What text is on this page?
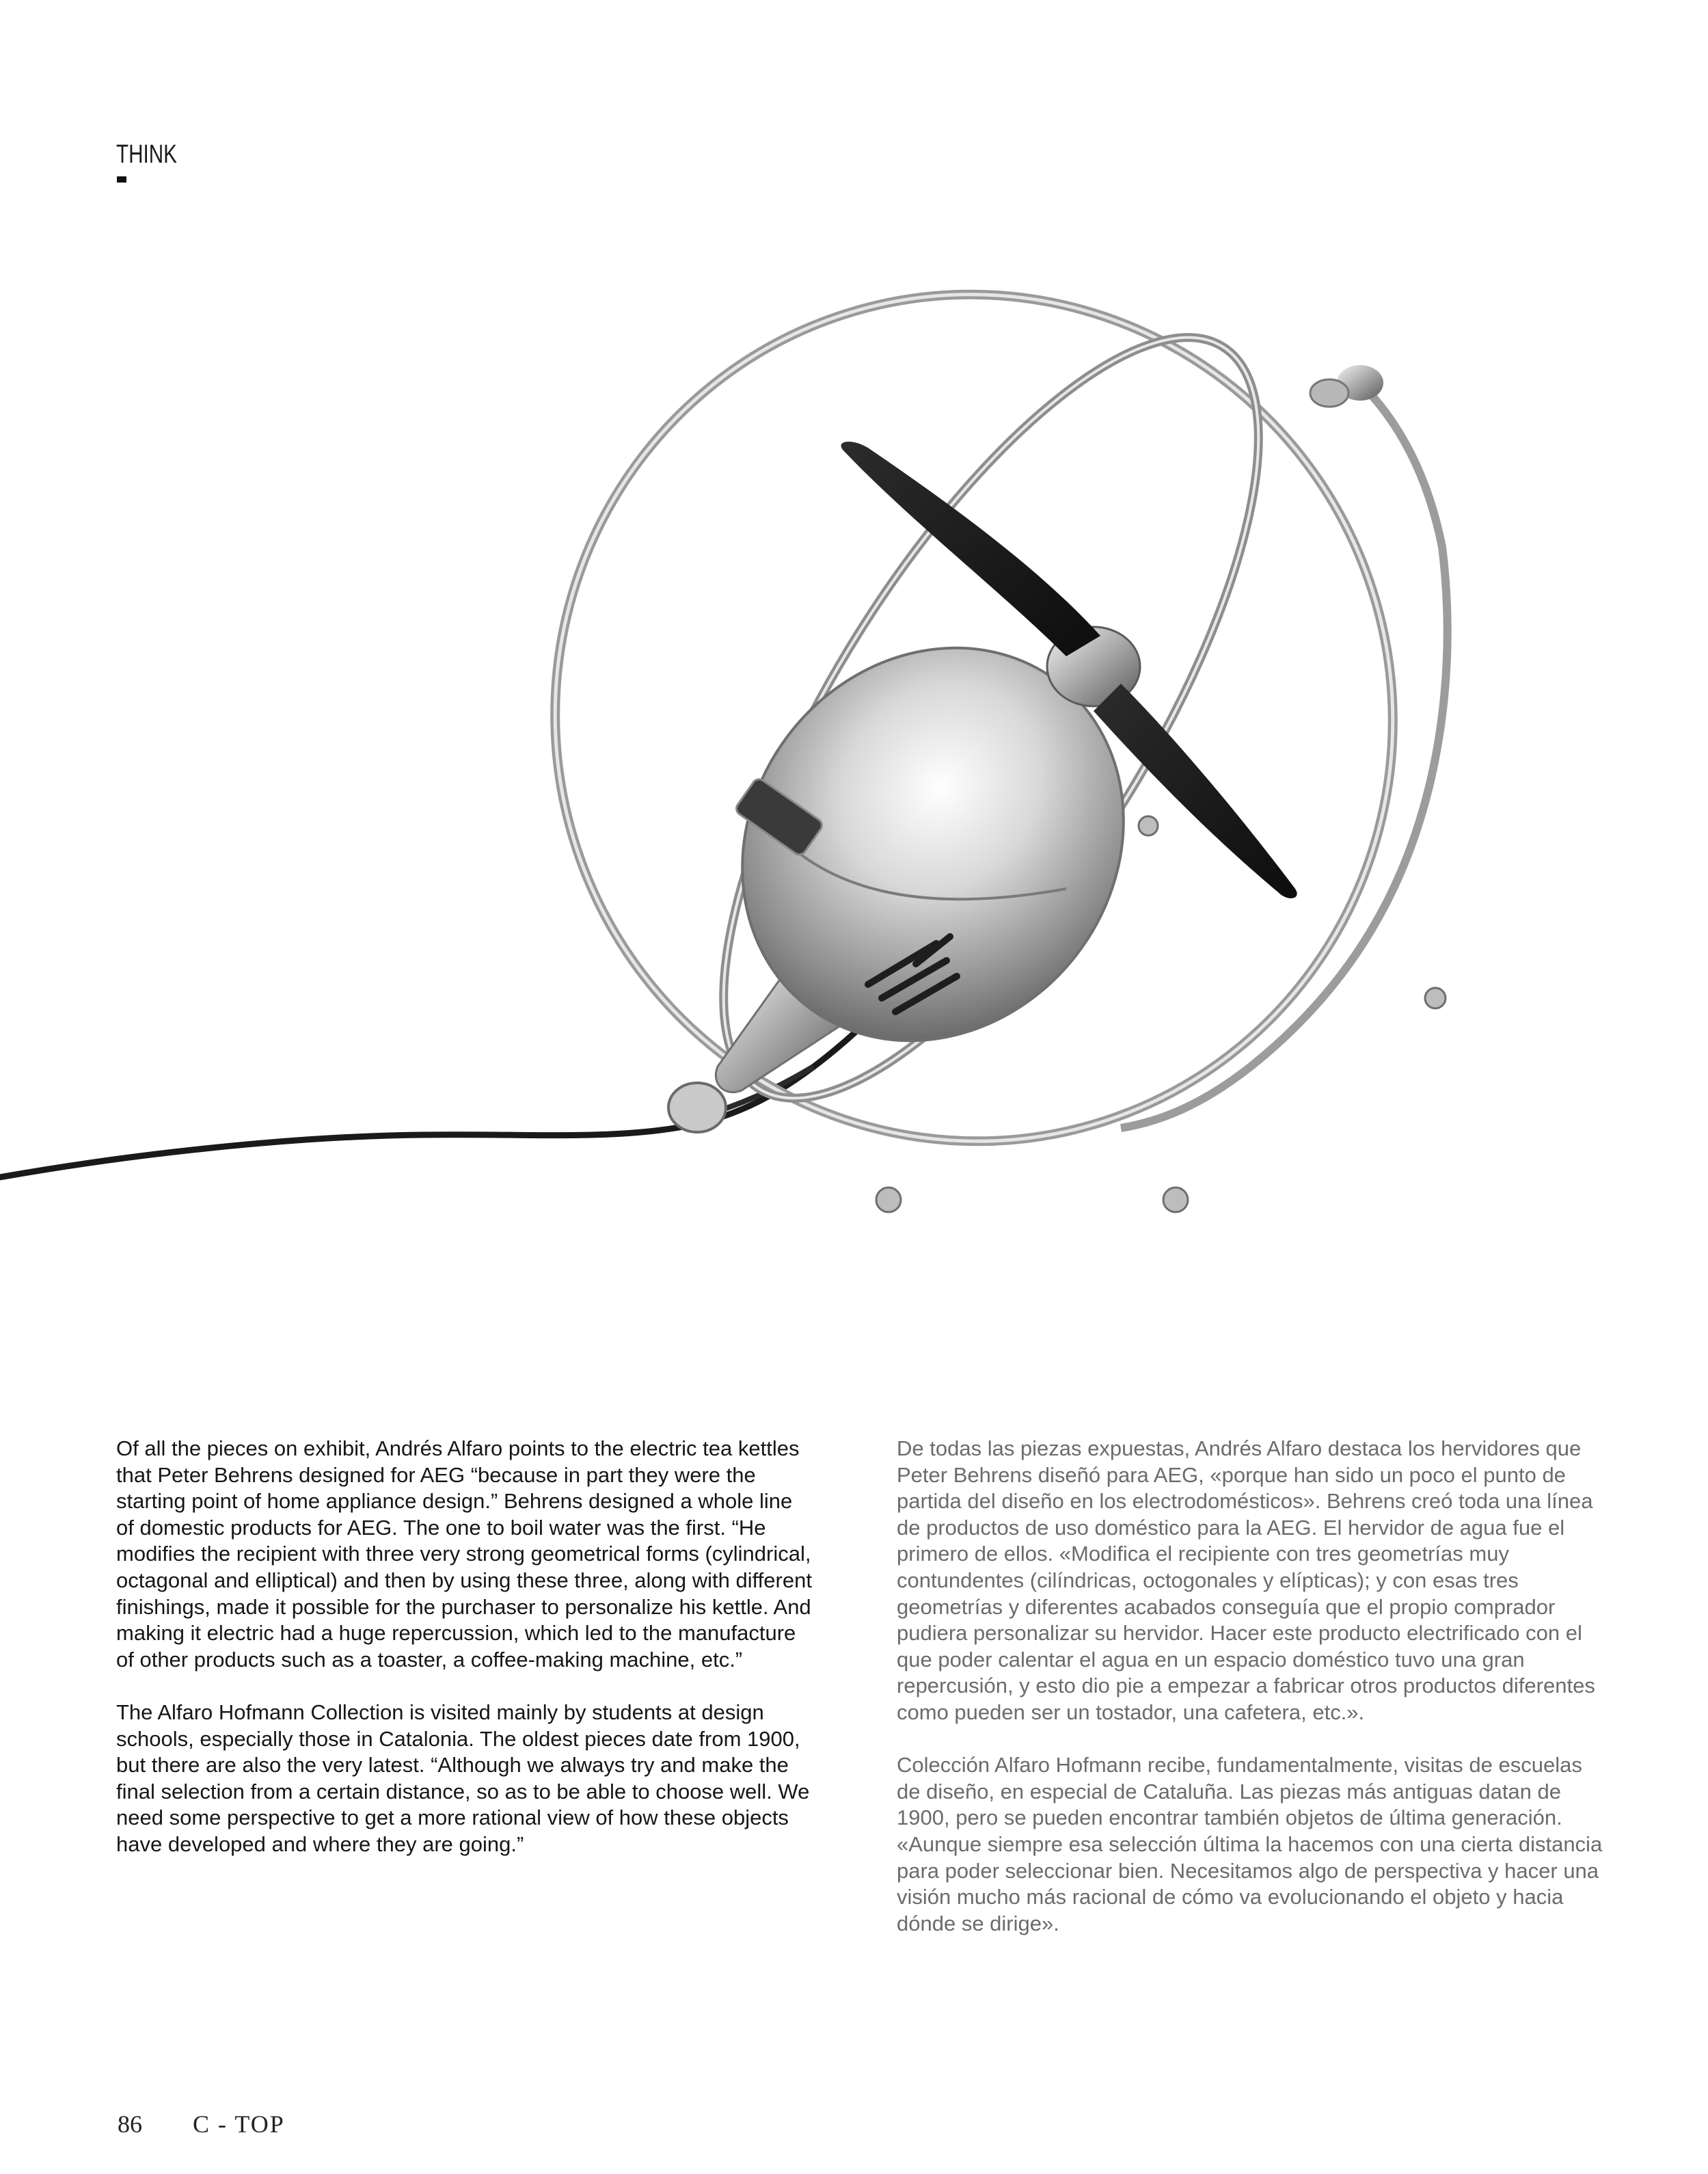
THINK

Of all the pieces on exhibit, Andrés Alfaro points to the electric tea kettles that Peter Behrens designed for AEG “because in part they were the starting point of home appliance design.” Behrens designed a whole line of domestic products for AEG. The one to boil water was the first. “He modifies the recipient with three very strong geometrical forms (cylindrical, octagonal and elliptical) and then by using these three, along with different finishings, made it possible for the purchaser to personalize his kettle. And making it electric had a huge repercussion, which led to the manufacture of other products such as a toaster, a coffee-making machine, etc.”

The Alfaro Hofmann Collection is visited mainly by students at design schools, especially those in Catalonia. The oldest pieces date from 1900, but there are also the very latest. “Although we always try and make the final selection from a certain distance, so as to be able to choose well. We need some perspective to get a more rational view of how these objects have developed and where they are going.”

De todas las piezas expuestas, Andrés Alfaro destaca los hervidores que Peter Behrens diseñó para AEG, «porque han sido un poco el punto de partida del diseño en los electrodomésticos». Behrens creó toda una línea de productos de uso doméstico para la AEG. El hervidor de agua fue el primero de ellos. «Modifica el recipiente con tres geometrías muy contundentes (cilíndricas, octogonales y elípticas); y con esas tres geometrías y diferentes acabados conseguía que el propio comprador pudiera personalizar su hervidor. Hacer este producto electrificado con el que poder calentar el agua en un espacio doméstico tuvo una gran repercusión, y esto dio pie a empezar a fabricar otros productos diferentes como pueden ser un tostador, una cafetera, etc.».

Colección Alfaro Hofmann recibe, fundamentalmente, visitas de escuelas de diseño, en especial de Cataluña. Las piezas más antiguas datan de 1900, pero se pueden encontrar también objetos de última generación. «Aunque siempre esa selección última la hacemos con una cierta distancia para poder seleccionar bien. Necesitamos algo de perspectiva y hacer una visión mucho más racional de cómo va evolucionando el objeto y hacia dónde se dirige».

86 C - TOP
